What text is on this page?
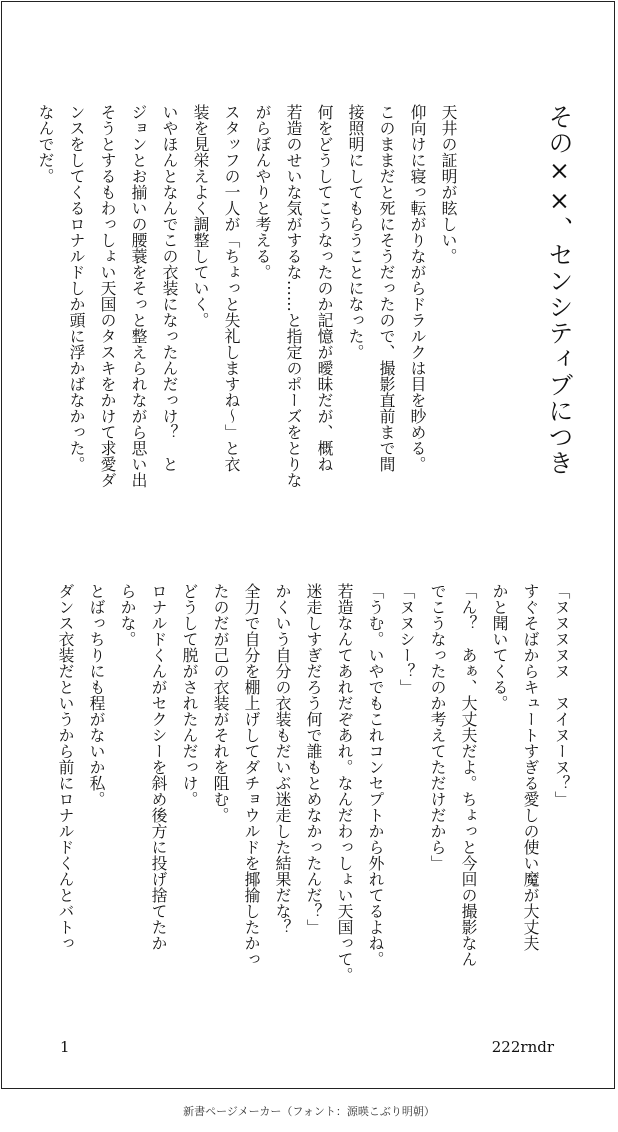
その××、センシティブにつき

天井の証明が眩しい。

仰向けに寝っ転がりながらドラルクは目を眇める。

このままだと死にそうだったので、撮影直前まで間

接照明にしてもらうことになった。

何をどうしてこうなったのか記憶が曖昧だが、概ね

若造のせいな気がするな……と指定のポーズをとりな

がらぼんやりと考える。

スタッフの一人が「ちょっと失礼しますね〜」と衣

装を見栄えよく調整していく。

いやほんとなんでこの衣装になったんだっけ？　と

ジョンとお揃いの腰蓑をそっと整えられながら思い出

そうとするもわっしょい天国のタスキをかけて求愛ダ

ンスをしてくるロナルドしか頭に浮かばなかった。

なんでだ。

「ヌヌヌヌヌ　ヌイヌーヌ？」

すぐそばからキュートすぎる愛しの使い魔が大丈夫

かと聞いてくる。

「ん？　あぁ、大丈夫だよ。ちょっと今回の撮影なん

でこうなったのか考えてただけだから」

「ヌヌシー？」

「うむ。いやでもこれコンセプトから外れてるよね。

若造なんてあれだぞあれ。なんだわっしょい天国って。

迷走しすぎだろう何で誰もとめなかったんだ？」

かくいう自分の衣装もだいぶ迷走した結果だな？

全力で自分を棚上げしてダチョウルドを揶揄したかっ

たのだが己の衣装がそれを阻む。

どうして脱がされたんだっけ。

ロナルドくんがセクシーを斜め後方に投げ捨てたか

らかな。

とばっちりにも程がないか私。

ダンス衣装だというから前にロナルドくんとバトっ

1	222rndr
新書ページメーカー（フォント：源暎こぶり明朝）
